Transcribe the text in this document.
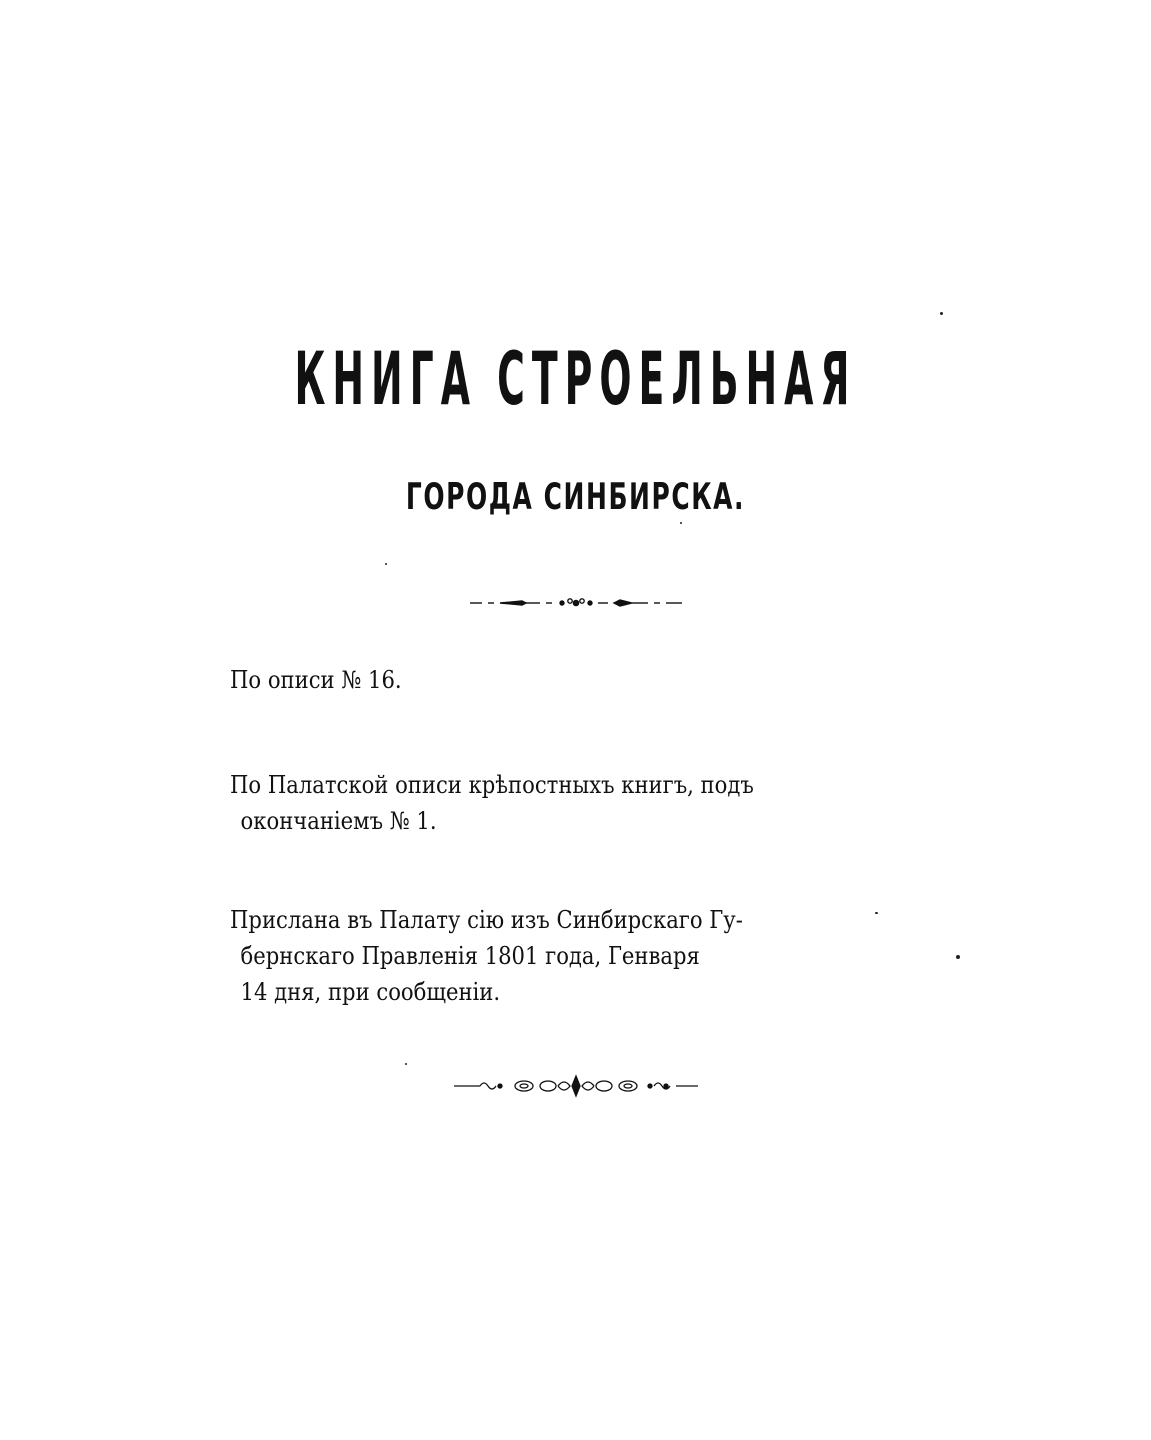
КНИГА СТРОЕЛЬНАЯ
ГОРОДА СИНБИРСКА.
По описи № 16.
По Палатской описи крѣпостныхъ книгъ, подъ
окончаніемъ № 1.
Прислана въ Палату сію изъ Синбирскаго Гу-
бернскаго Правленія 1801 года, Генваря
14 дня, при сообщеніи.
